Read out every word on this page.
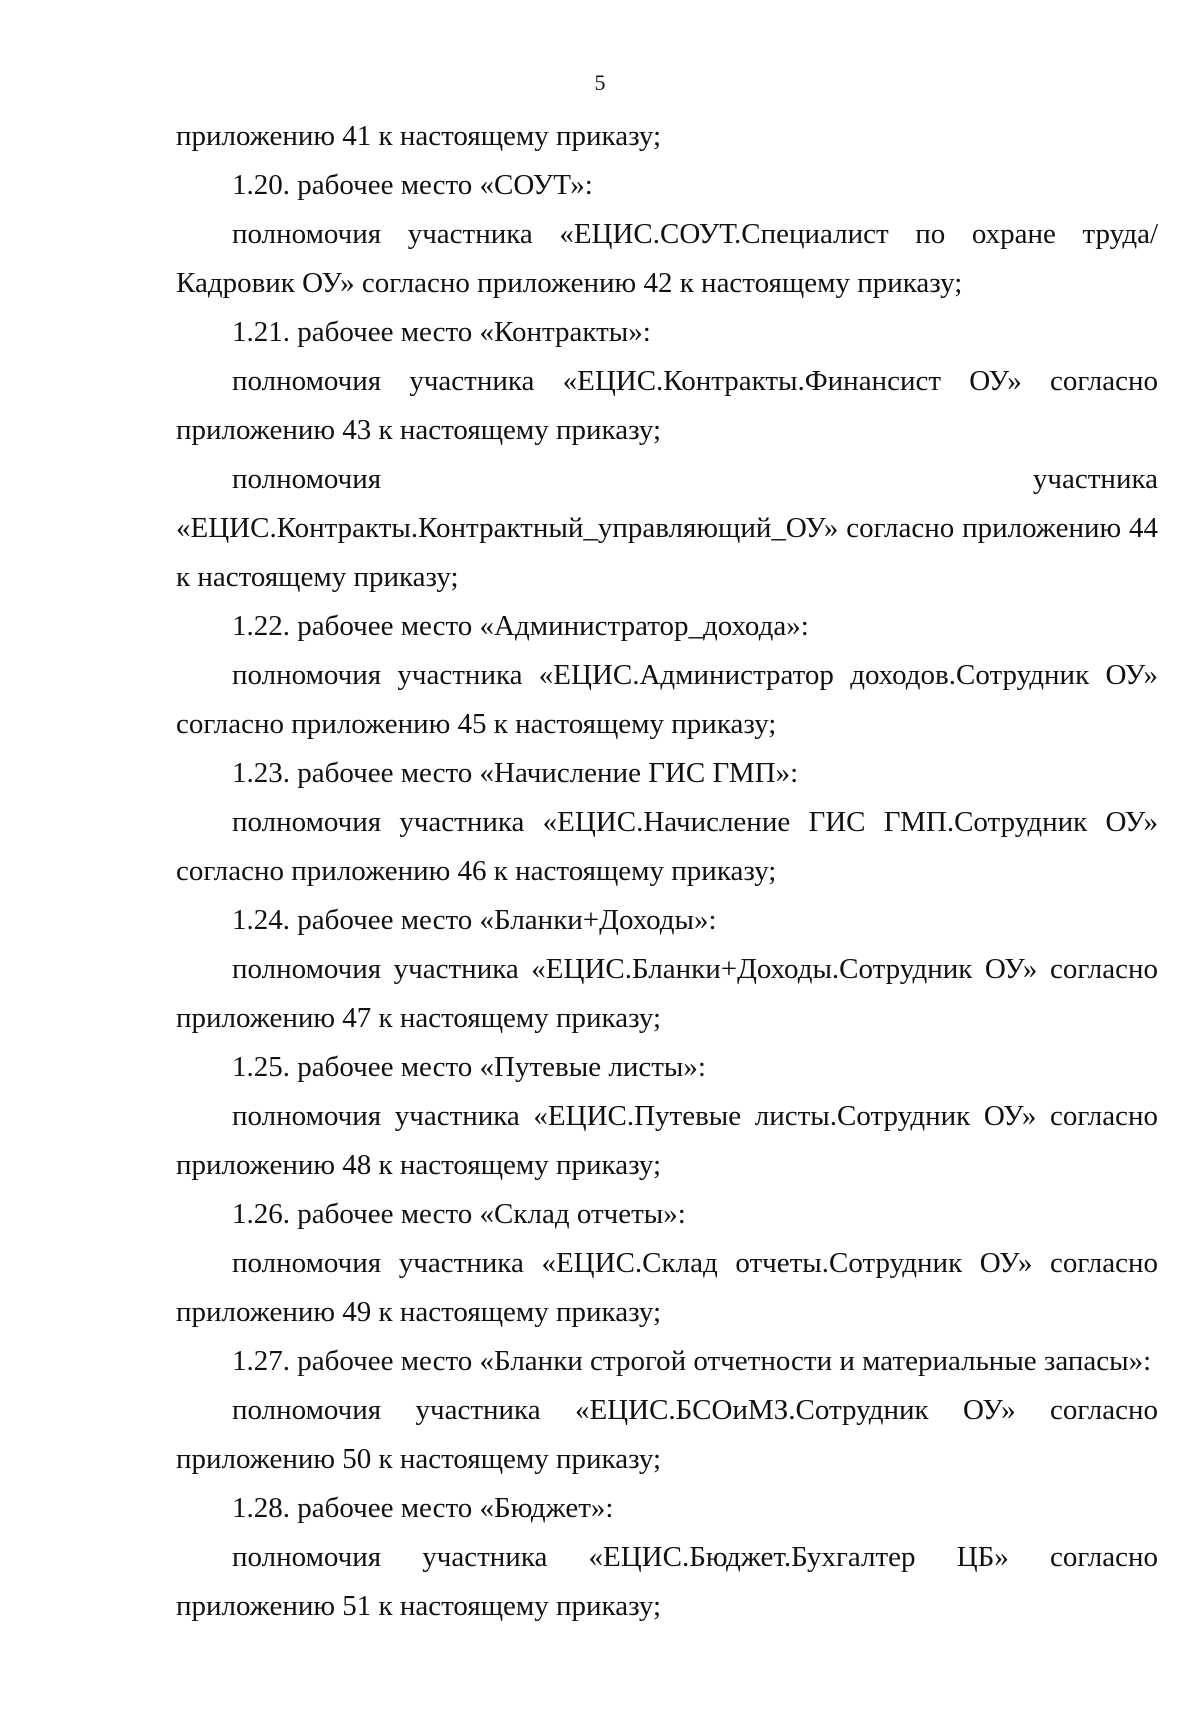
5

приложению 41 к настоящему приказу;

1.20. рабочее место «СОУТ»:

полномочия участника «ЕЦИС.СОУТ.Специалист по охране труда/ Кадровик ОУ» согласно приложению 42 к настоящему приказу;

1.21. рабочее место «Контракты»:

полномочия участника «ЕЦИС.Контракты.Финансист ОУ» согласно приложению 43 к настоящему приказу;

полномочия участника «ЕЦИС.Контракты.Контрактный_управляющий_ОУ» согласно приложению 44 к настоящему приказу;

1.22. рабочее место «Администратор_дохода»:

полномочия участника «ЕЦИС.Администратор доходов.Сотрудник ОУ» согласно приложению 45 к настоящему приказу;

1.23. рабочее место «Начисление ГИС ГМП»:

полномочия участника «ЕЦИС.Начисление ГИС ГМП.Сотрудник ОУ» согласно приложению 46 к настоящему приказу;

1.24. рабочее место «Бланки+Доходы»:

полномочия участника «ЕЦИС.Бланки+Доходы.Сотрудник ОУ» согласно приложению 47 к настоящему приказу;

1.25. рабочее место «Путевые листы»:

полномочия участника «ЕЦИС.Путевые листы.Сотрудник ОУ» согласно приложению 48 к настоящему приказу;

1.26. рабочее место «Склад отчеты»:

полномочия участника «ЕЦИС.Склад отчеты.Сотрудник ОУ» согласно приложению 49 к настоящему приказу;

1.27. рабочее место «Бланки строгой отчетности и материальные запасы»:

полномочия участника «ЕЦИС.БСОиМЗ.Сотрудник ОУ» согласно приложению 50 к настоящему приказу;

1.28. рабочее место «Бюджет»:

полномочия участника «ЕЦИС.Бюджет.Бухгалтер ЦБ» согласно приложению 51 к настоящему приказу;
